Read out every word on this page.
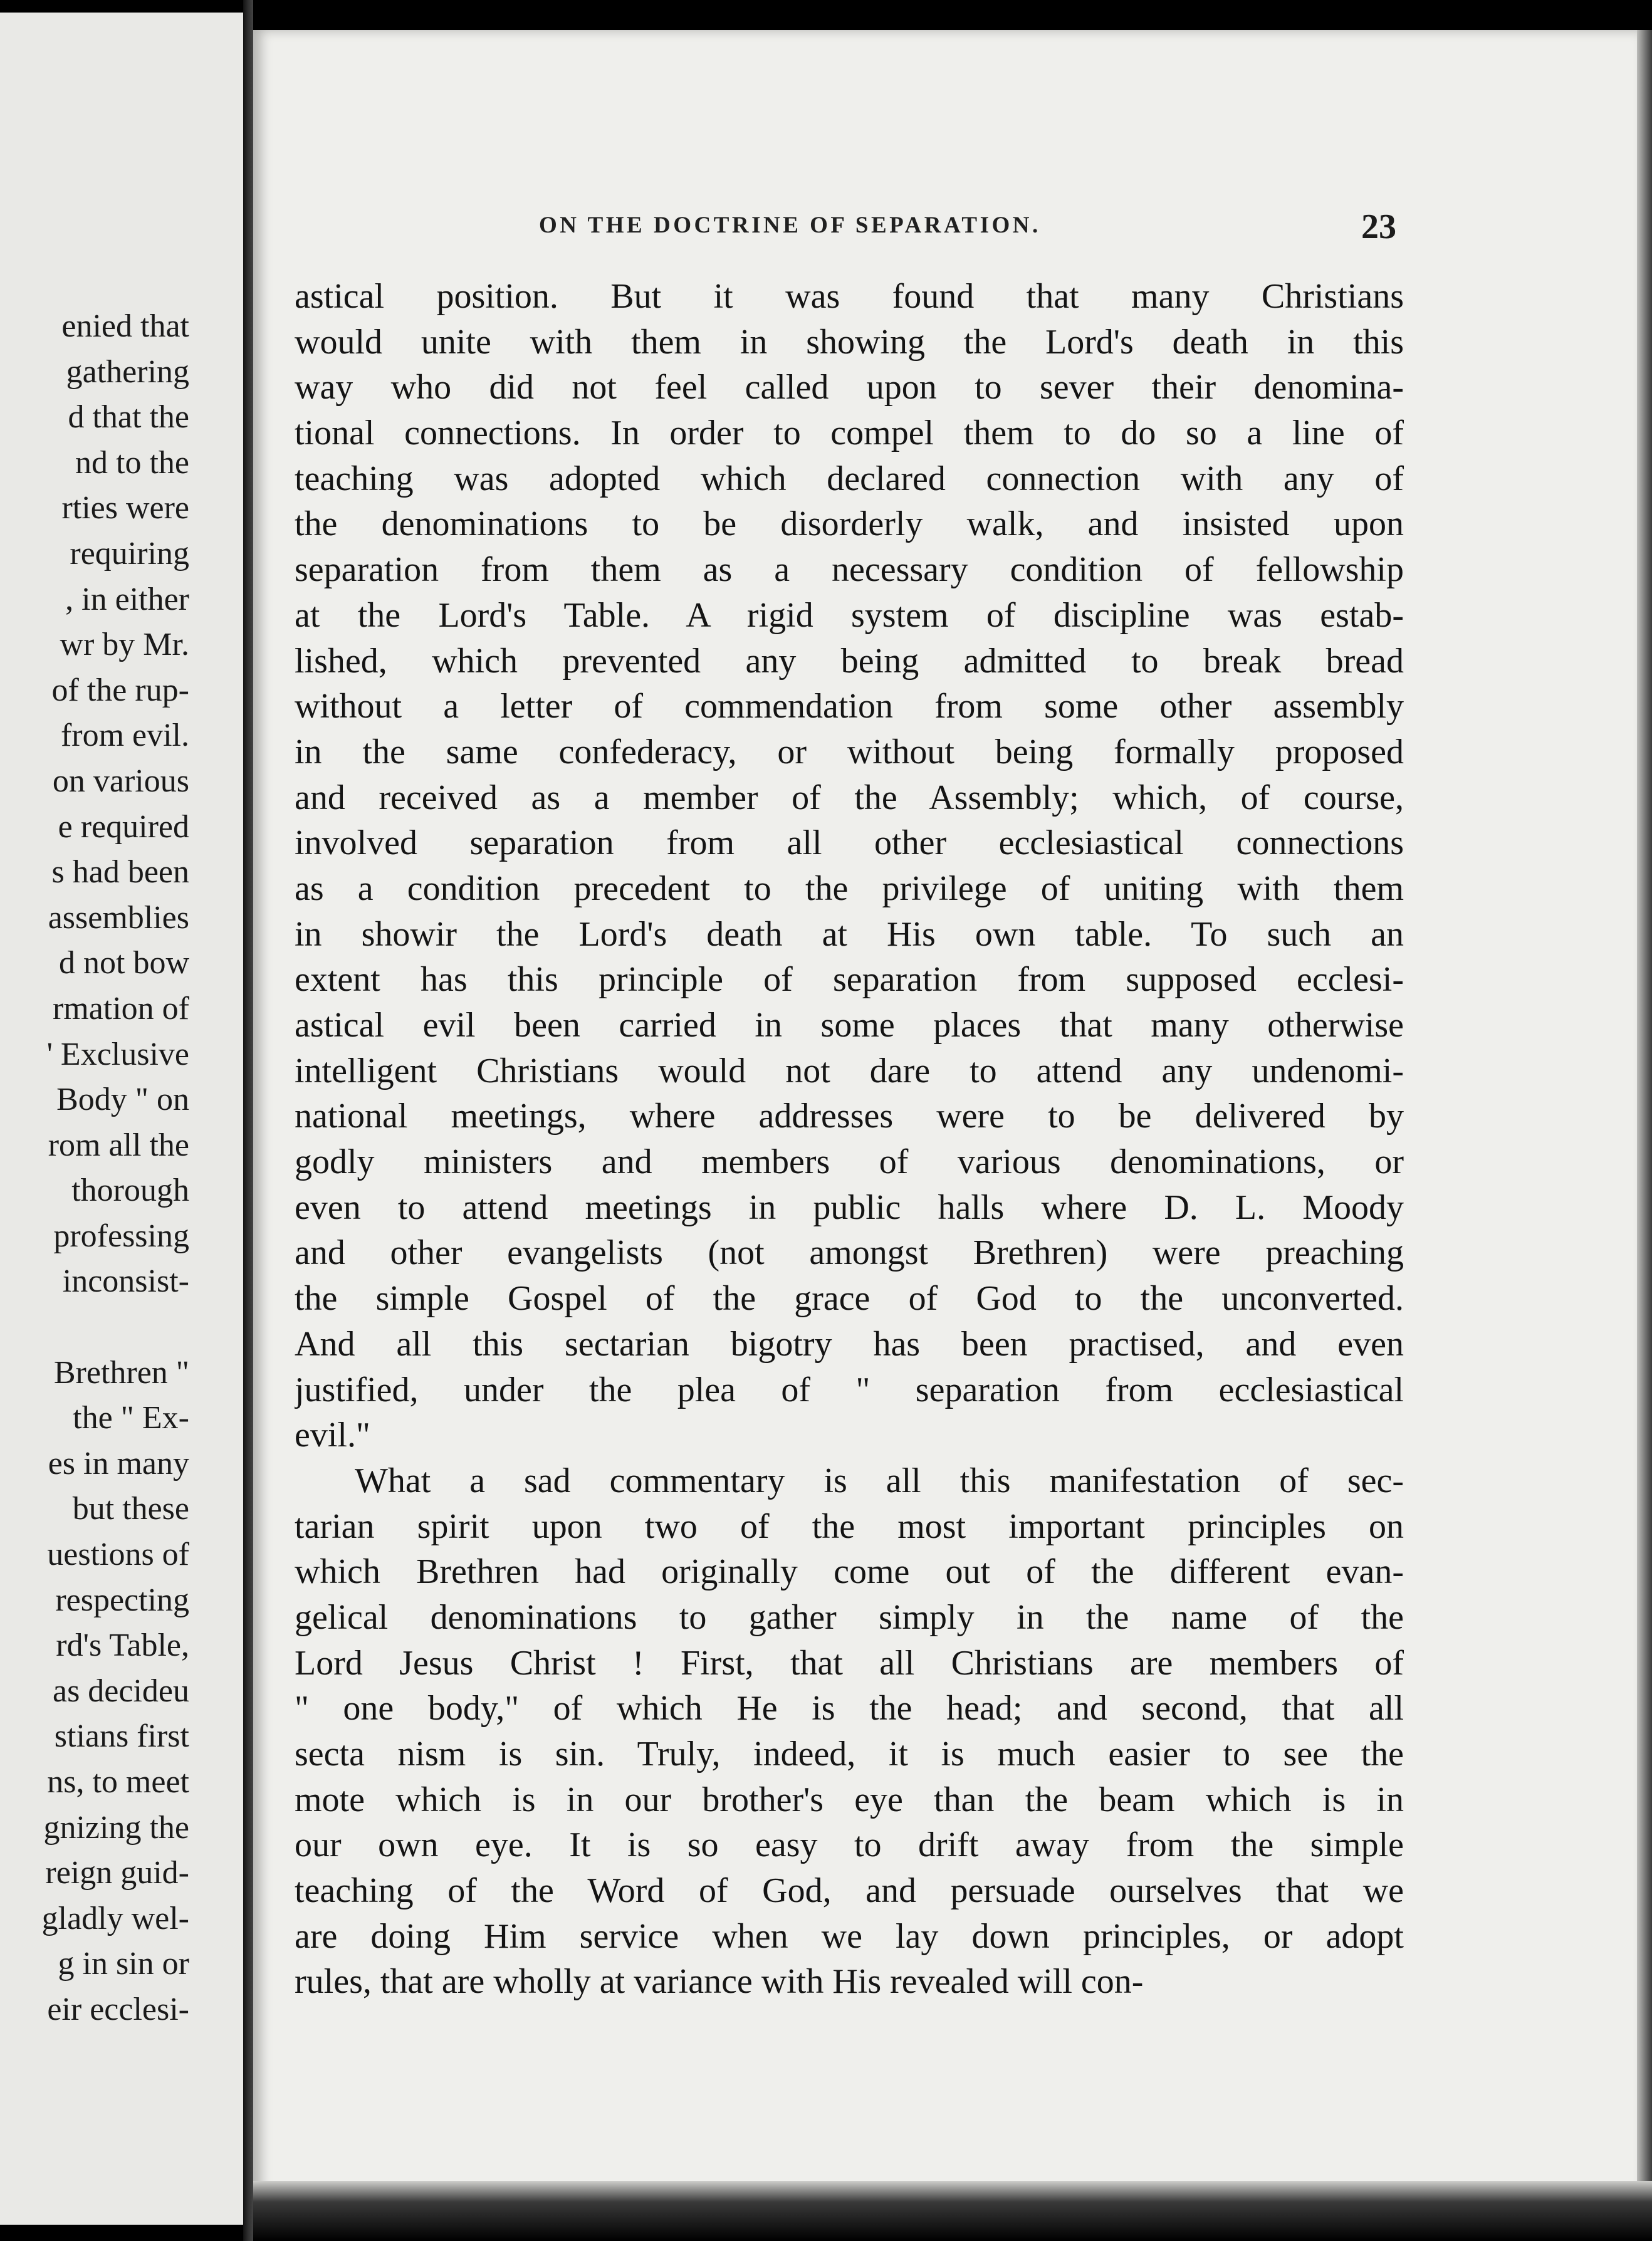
enied that
gathering
d that the
nd to the
rties were
requiring
, in either
wr by Mr.
of the rup-
from evil.
on various
e required
s had been
assemblies
d not bow
rmation of
' Exclusive
Body " on
rom all the
thorough
professing
inconsist-
Brethren "
the " Ex-
es in many
but these
uestions of
respecting
rd's Table,
as decideu
stians first
ns, to meet
gnizing the
reign guid-
gladly wel-
g in sin or
eir ecclesi-
ON THE DOCTRINE OF SEPARATION.	23
astical position. But it was found that many Christians
would unite with them in showing the Lord's death in this
way who did not feel called upon to sever their denomina-
tional connections. In order to compel them to do so a line of
teaching was adopted which declared connection with any of
the denominations to be disorderly walk, and insisted upon
separation from them as a necessary condition of fellowship
at the Lord's Table. A rigid system of discipline was estab-
lished, which prevented any being admitted to break bread
without a letter of commendation from some other assembly
in the same confederacy, or without being formally proposed
and received as a member of the Assembly; which, of course,
involved separation from all other ecclesiastical connections
as a condition precedent to the privilege of uniting with them
in showir the Lord's death at His own table. To such an
extent has this principle of separation from supposed ecclesi-
astical evil been carried in some places that many otherwise
intelligent Christians would not dare to attend any undenomi-
national meetings, where addresses were to be delivered by
godly ministers and members of various denominations, or
even to attend meetings in public halls where D. L. Moody
and other evangelists (not amongst Brethren) were preaching
the simple Gospel of the grace of God to the unconverted.
And all this sectarian bigotry has been practised, and even
justified, under the plea of " separation from ecclesiastical
evil."
What a sad commentary is all this manifestation of sec-
tarian spirit upon two of the most important principles on
which Brethren had originally come out of the different evan-
gelical denominations to gather simply in the name of the
Lord Jesus Christ ! First, that all Christians are members of
" one body," of which He is the head; and second, that all
secta nism is sin. Truly, indeed, it is much easier to see the
mote which is in our brother's eye than the beam which is in
our own eye. It is so easy to drift away from the simple
teaching of the Word of God, and persuade ourselves that we
are doing Him service when we lay down principles, or adopt
rules, that are wholly at variance with His revealed will con-
